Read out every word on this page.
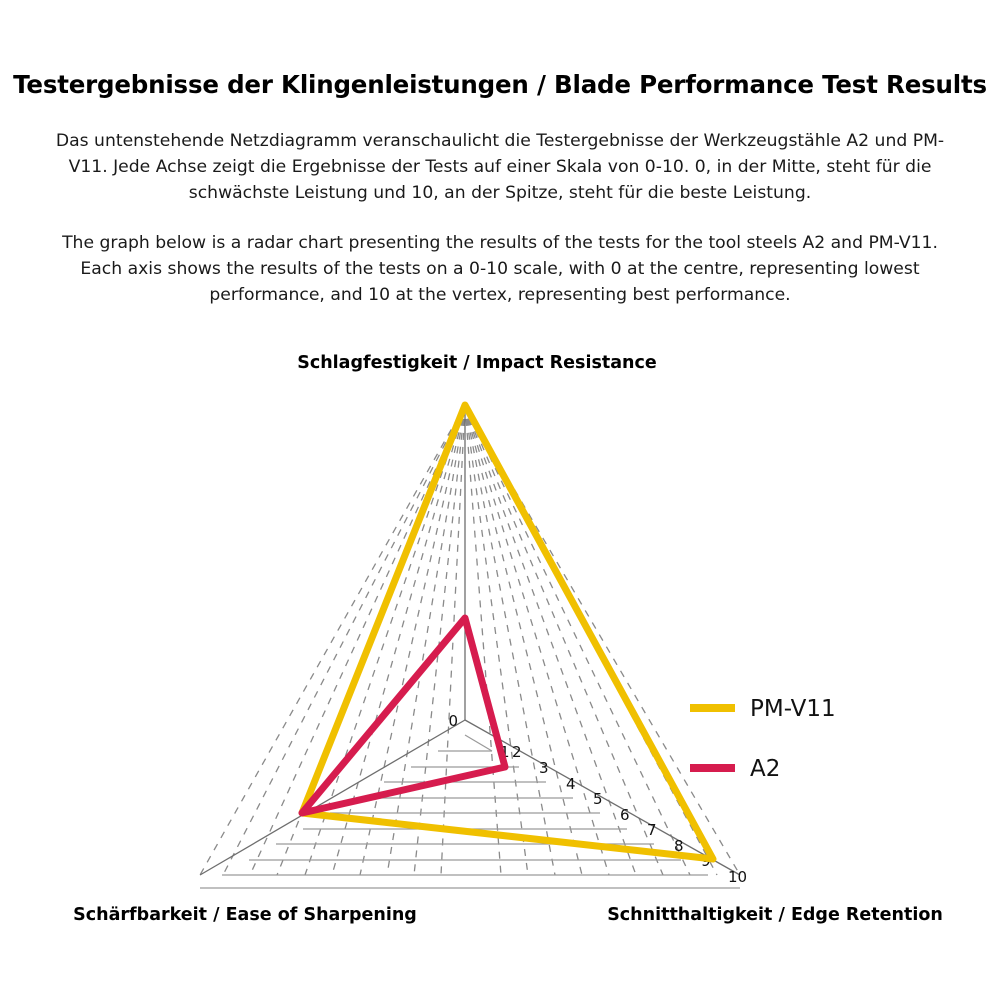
Testergebnisse der Klingenleistungen / Blade Performance Test Results
Das untenstehende Netzdiagramm veranschaulicht die Testergebnisse der Werkzeugstähle A2 und PM-V11. Jede Achse zeigt die Ergebnisse der Tests auf einer Skala von 0-10. 0, in der Mitte, steht für die schwächste Leistung und 10, an der Spitze, steht für die beste Leistung.
The graph below is a radar chart presenting the results of the tests for the tool steels A2 and PM-V11. Each axis shows the results of the tests on a 0-10 scale, with 0 at the centre, representing lowest performance, and 10 at the vertex, representing best performance.
0
1 2
3
4
5
6
7
8
9
10
Schlagfestigkeit / Impact Resistance
Schnitthaltigkeit / Edge Retention
Schärfbarkeit / Ease of Sharpening
PM-V11
A2
